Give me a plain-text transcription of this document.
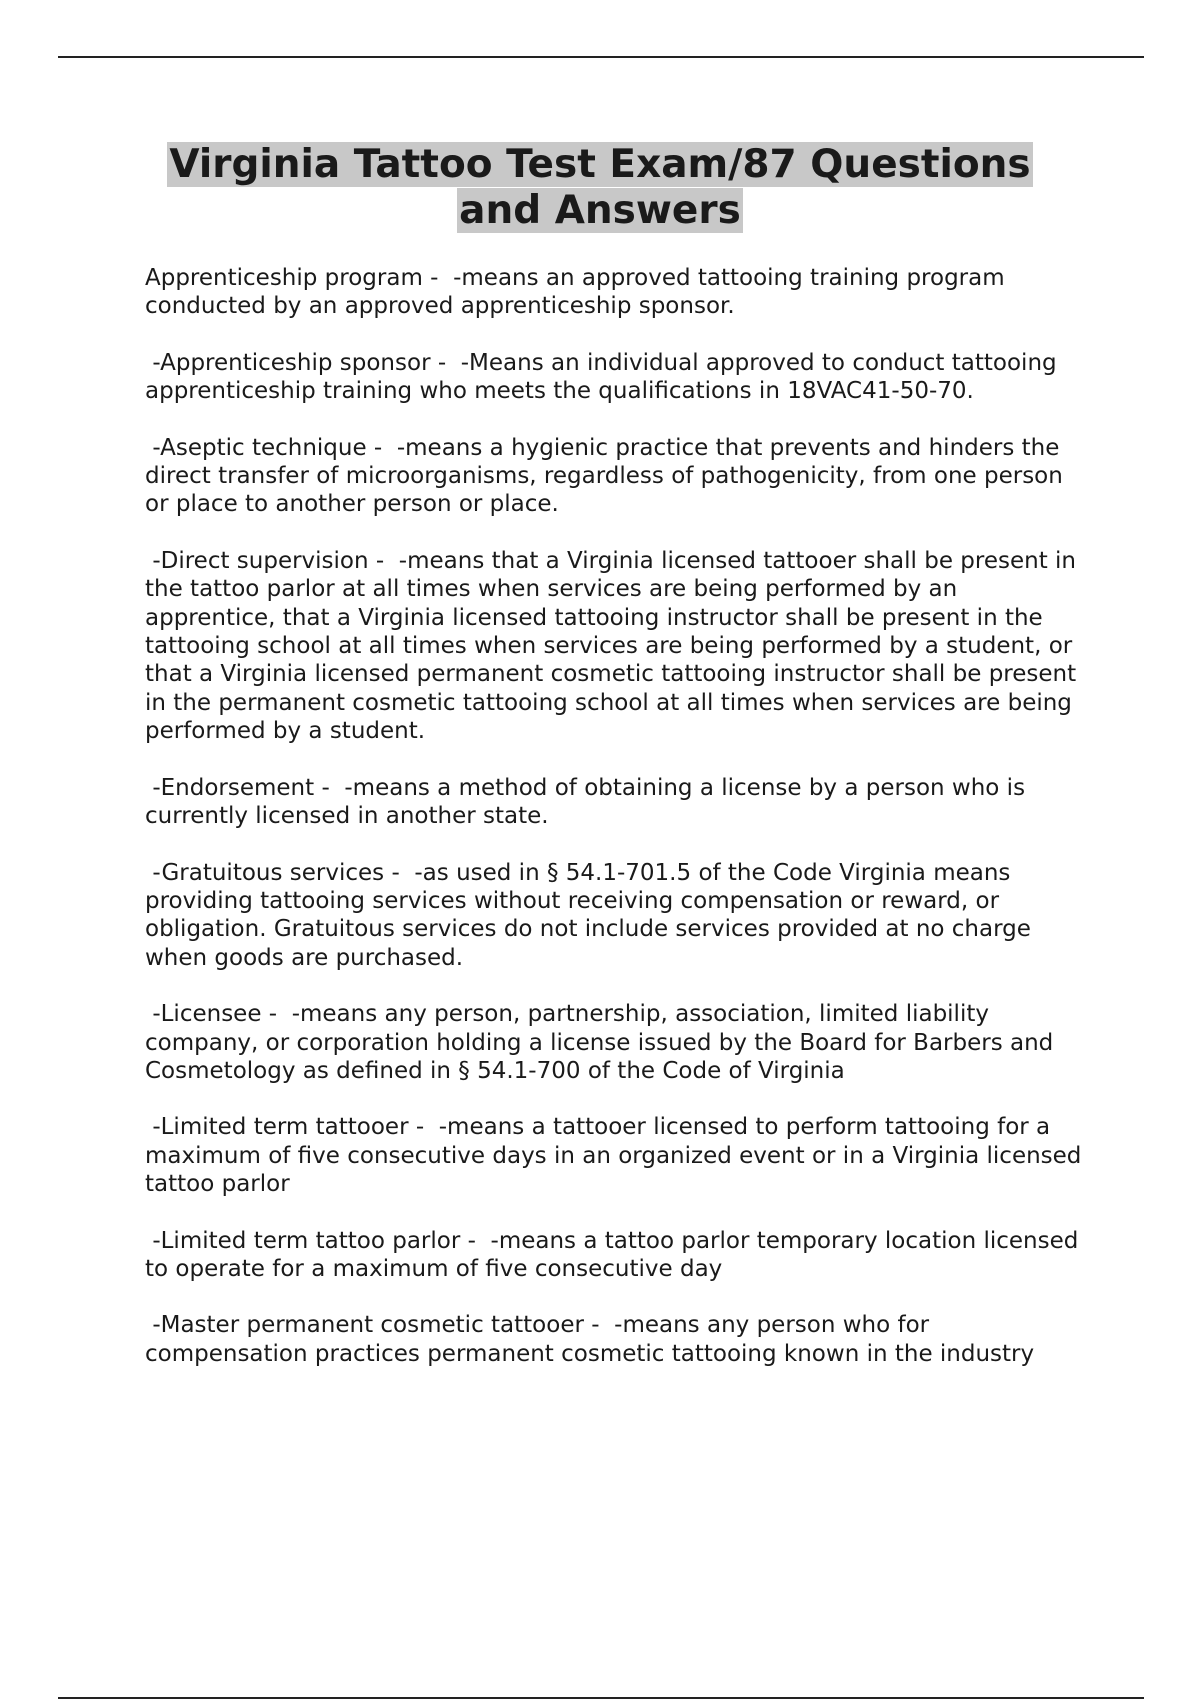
Virginia Tattoo Test Exam/87 Questions and Answers

Apprenticeship program -  -means an approved tattooing training program conducted by an approved apprenticeship sponsor.

-Apprenticeship sponsor -  -Means an individual approved to conduct tattooing apprenticeship training who meets the qualifications in 18VAC41-50-70.

-Aseptic technique -  -means a hygienic practice that prevents and hinders the direct transfer of microorganisms, regardless of pathogenicity, from one person or place to another person or place.

-Direct supervision -  -means that a Virginia licensed tattooer shall be present in the tattoo parlor at all times when services are being performed by an apprentice, that a Virginia licensed tattooing instructor shall be present in the tattooing school at all times when services are being performed by a student, or that a Virginia licensed permanent cosmetic tattooing instructor shall be present in the permanent cosmetic tattooing school at all times when services are being performed by a student.

-Endorsement -  -means a method of obtaining a license by a person who is currently licensed in another state.

-Gratuitous services -  -as used in § 54.1-701.5 of the Code Virginia means providing tattooing services without receiving compensation or reward, or obligation. Gratuitous services do not include services provided at no charge when goods are purchased.

-Licensee -  -means any person, partnership, association, limited liability company, or corporation holding a license issued by the Board for Barbers and Cosmetology as defined in § 54.1-700 of the Code of Virginia

-Limited term tattooer -  -means a tattooer licensed to perform tattooing for a maximum of five consecutive days in an organized event or in a Virginia licensed tattoo parlor

-Limited term tattoo parlor -  -means a tattoo parlor temporary location licensed to operate for a maximum of five consecutive day

-Master permanent cosmetic tattooer -  -means any person who for compensation practices permanent cosmetic tattooing known in the industry
